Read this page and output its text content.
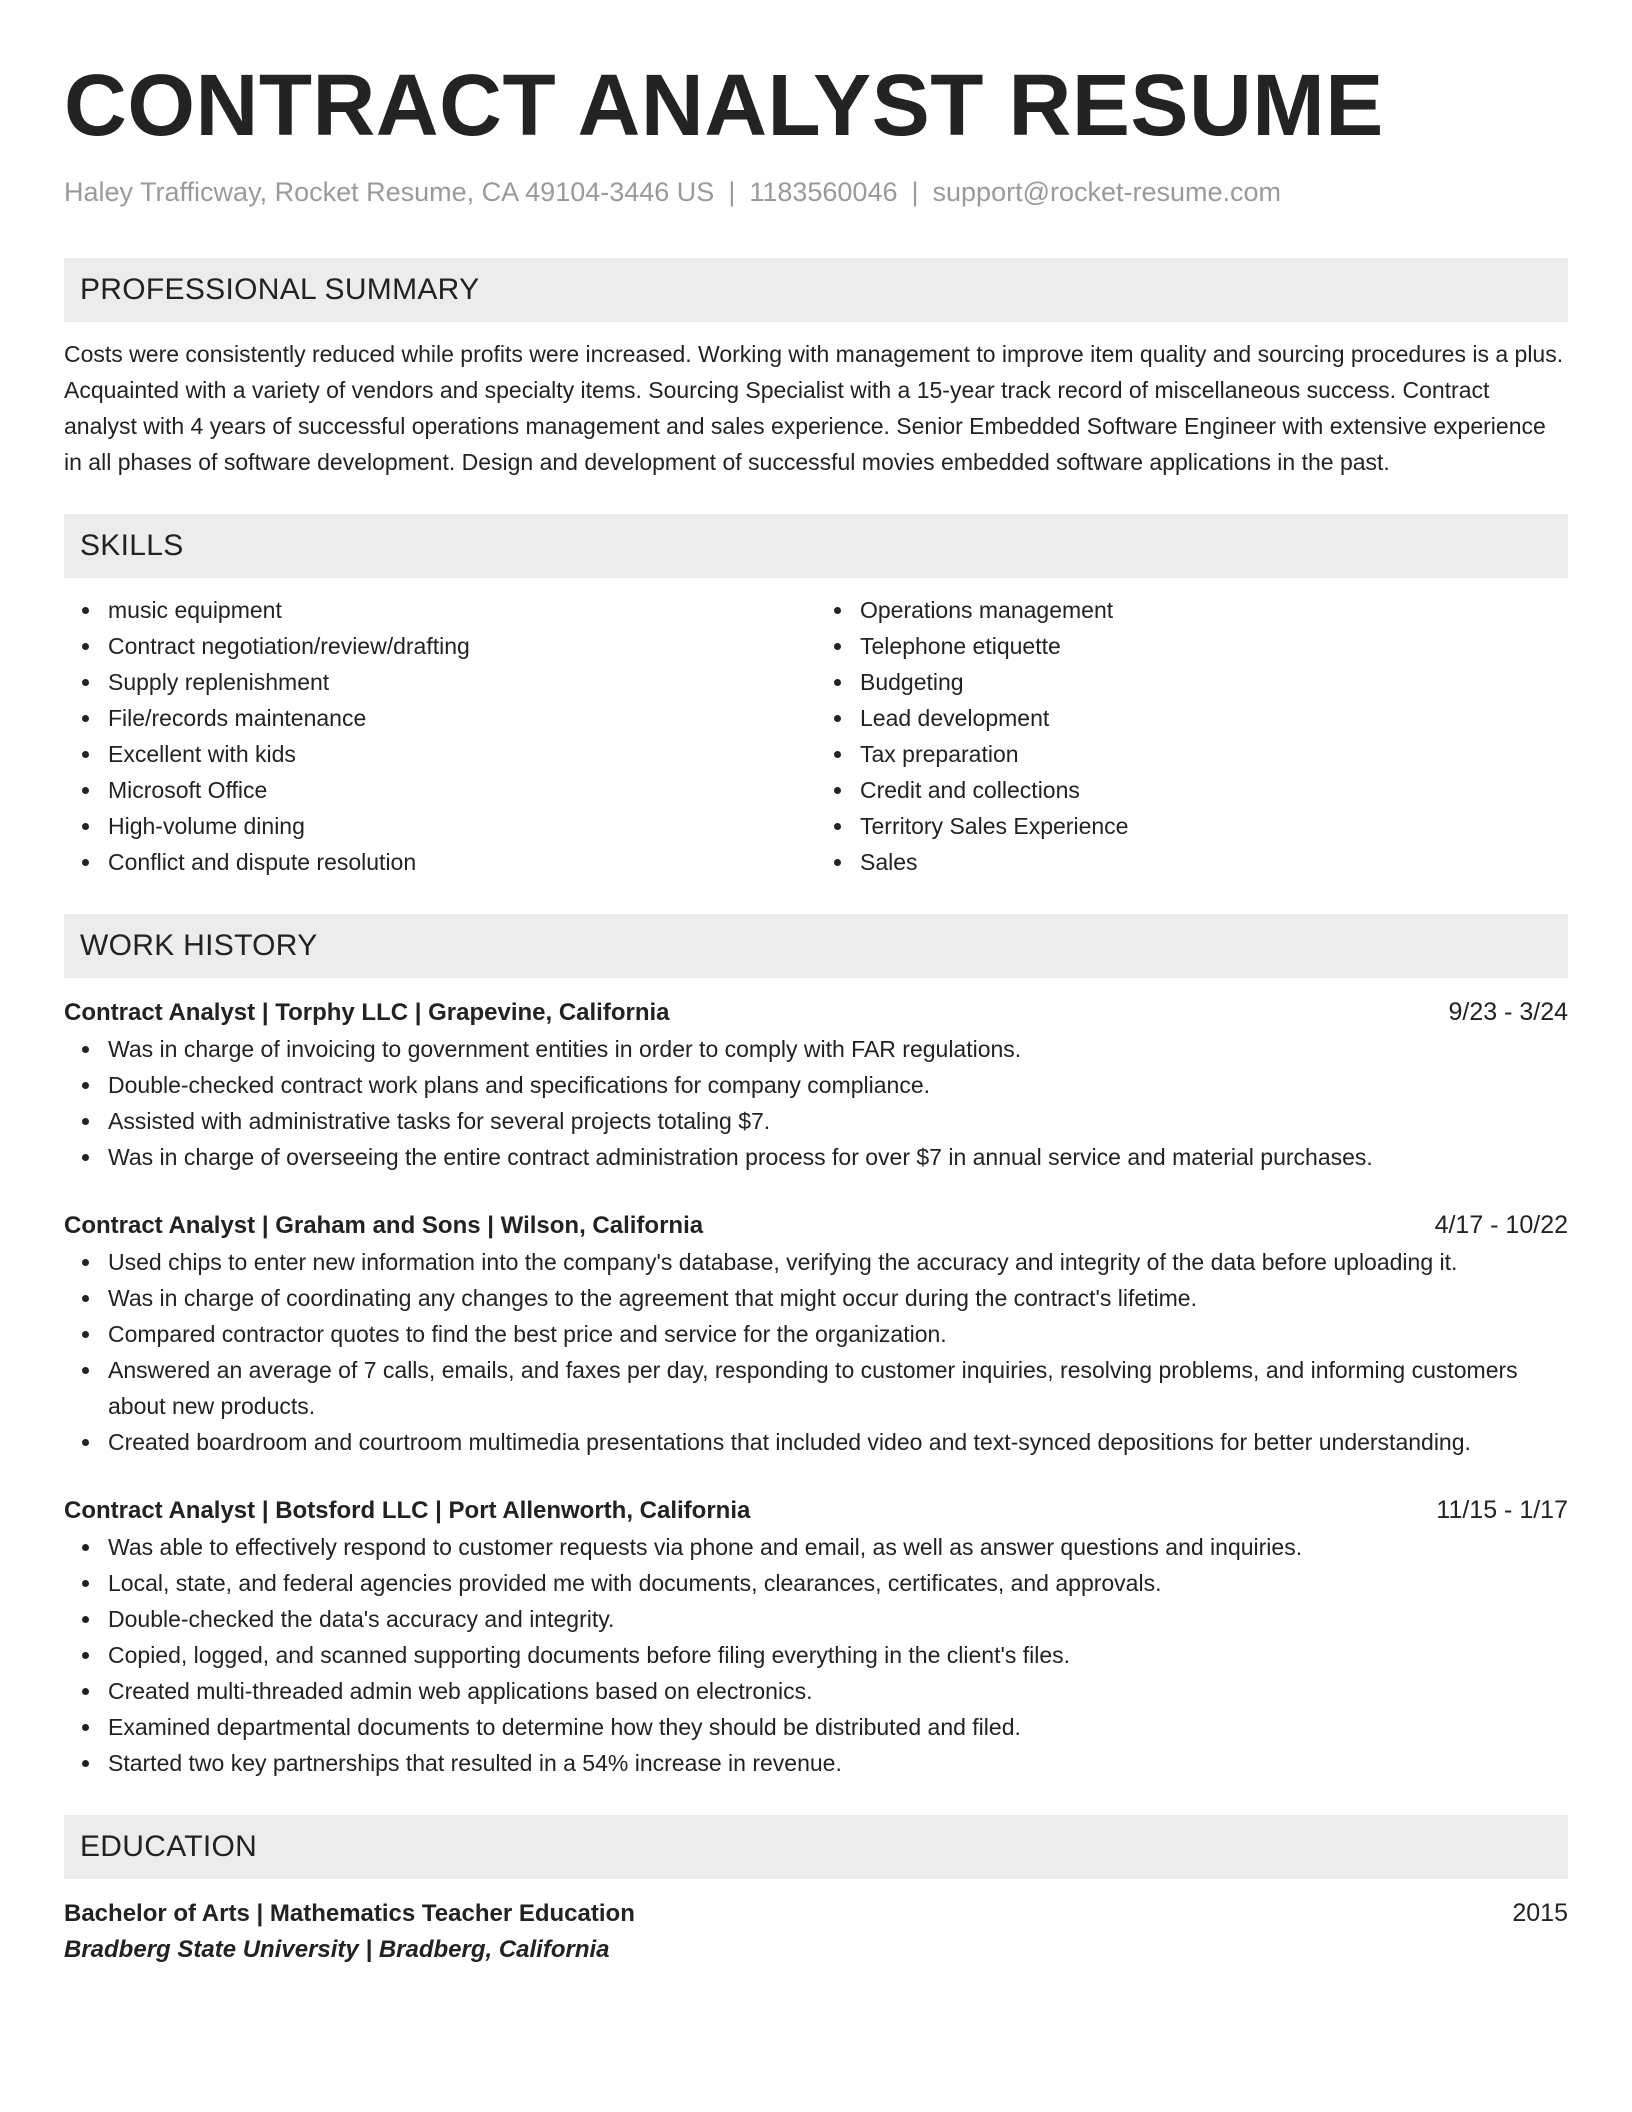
CONTRACT ANALYST RESUME
Haley Trafficway, Rocket Resume, CA 49104-3446 US | 1183560046 | support@rocket-resume.com
PROFESSIONAL SUMMARY

Costs were consistently reduced while profits were increased. Working with management to improve item quality and sourcing procedures is a plus. Acquainted with a variety of vendors and specialty items. Sourcing Specialist with a 15-year track record of miscellaneous success. Contract analyst with 4 years of successful operations management and sales experience. Senior Embedded Software Engineer with extensive experience in all phases of software development. Design and development of successful movies embedded software applications in the past.

SKILLS
music equipment
Contract negotiation/review/drafting
Supply replenishment
File/records maintenance
Excellent with kids
Microsoft Office
High-volume dining
Conflict and dispute resolution
Operations management
Telephone etiquette
Budgeting
Lead development
Tax preparation
Credit and collections
Territory Sales Experience
Sales
WORK HISTORY
Contract Analyst | Torphy LLC | Grapevine, California	9/23 - 3/24
Was in charge of invoicing to government entities in order to comply with FAR regulations.
Double-checked contract work plans and specifications for company compliance.
Assisted with administrative tasks for several projects totaling $7.
Was in charge of overseeing the entire contract administration process for over $7 in annual service and material purchases.
Contract Analyst | Graham and Sons | Wilson, California	4/17 - 10/22
Used chips to enter new information into the company's database, verifying the accuracy and integrity of the data before uploading it.
Was in charge of coordinating any changes to the agreement that might occur during the contract's lifetime.
Compared contractor quotes to find the best price and service for the organization.
Answered an average of 7 calls, emails, and faxes per day, responding to customer inquiries, resolving problems, and informing customers about new products.
Created boardroom and courtroom multimedia presentations that included video and text-synced depositions for better understanding.
Contract Analyst | Botsford LLC | Port Allenworth, California	11/15 - 1/17
Was able to effectively respond to customer requests via phone and email, as well as answer questions and inquiries.
Local, state, and federal agencies provided me with documents, clearances, certificates, and approvals.
Double-checked the data's accuracy and integrity.
Copied, logged, and scanned supporting documents before filing everything in the client's files.
Created multi-threaded admin web applications based on electronics.
Examined departmental documents to determine how they should be distributed and filed.
Started two key partnerships that resulted in a 54% increase in revenue.
EDUCATION
Bachelor of Arts | Mathematics Teacher Education	2015
Bradberg State University | Bradberg, California
